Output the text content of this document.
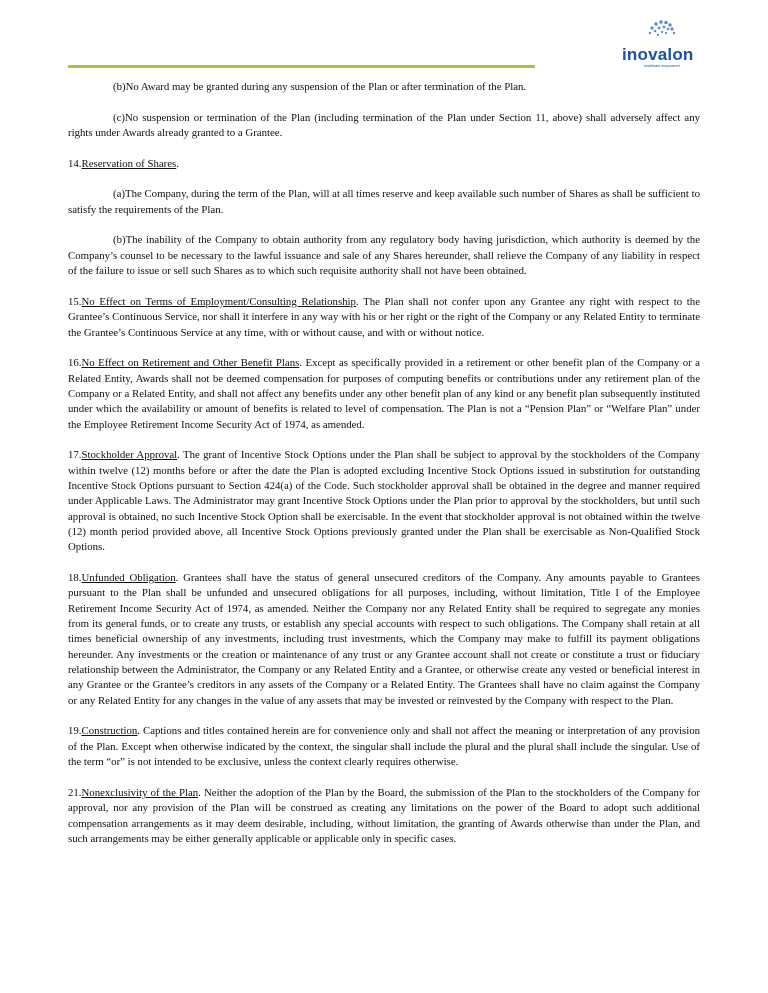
inovalon
healthcare empowered

(b)No Award may be granted during any suspension of the Plan or after termination of the Plan.

(c)No suspension or termination of the Plan (including termination of the Plan under Section 11, above) shall adversely affect any rights under Awards already granted to a Grantee.

14.Reservation of Shares.

(a)The Company, during the term of the Plan, will at all times reserve and keep available such number of Shares as shall be sufficient to satisfy the requirements of the Plan.

(b)The inability of the Company to obtain authority from any regulatory body having jurisdiction, which authority is deemed by the Company’s counsel to be necessary to the lawful issuance and sale of any Shares hereunder, shall relieve the Company of any liability in respect of the failure to issue or sell such Shares as to which such requisite authority shall not have been obtained.

15.No Effect on Terms of Employment/Consulting Relationship. The Plan shall not confer upon any Grantee any right with respect to the Grantee’s Continuous Service, nor shall it interfere in any way with his or her right or the right of the Company or any Related Entity to terminate the Grantee’s Continuous Service at any time, with or without cause, and with or without notice.

16.No Effect on Retirement and Other Benefit Plans. Except as specifically provided in a retirement or other benefit plan of the Company or a Related Entity, Awards shall not be deemed compensation for purposes of computing benefits or contributions under any retirement plan of the Company or a Related Entity, and shall not affect any benefits under any other benefit plan of any kind or any benefit plan subsequently instituted under which the availability or amount of benefits is related to level of compensation. The Plan is not a “Pension Plan” or “Welfare Plan” under the Employee Retirement Income Security Act of 1974, as amended.

17.Stockholder Approval. The grant of Incentive Stock Options under the Plan shall be subject to approval by the stockholders of the Company within twelve (12) months before or after the date the Plan is adopted excluding Incentive Stock Options issued in substitution for outstanding Incentive Stock Options pursuant to Section 424(a) of the Code. Such stockholder approval shall be obtained in the degree and manner required under Applicable Laws. The Administrator may grant Incentive Stock Options under the Plan prior to approval by the stockholders, but until such approval is obtained, no such Incentive Stock Option shall be exercisable. In the event that stockholder approval is not obtained within the twelve (12) month period provided above, all Incentive Stock Options previously granted under the Plan shall be exercisable as Non-Qualified Stock Options.

18.Unfunded Obligation. Grantees shall have the status of general unsecured creditors of the Company. Any amounts payable to Grantees pursuant to the Plan shall be unfunded and unsecured obligations for all purposes, including, without limitation, Title I of the Employee Retirement Income Security Act of 1974, as amended. Neither the Company nor any Related Entity shall be required to segregate any monies from its general funds, or to create any trusts, or establish any special accounts with respect to such obligations. The Company shall retain at all times beneficial ownership of any investments, including trust investments, which the Company may make to fulfill its payment obligations hereunder. Any investments or the creation or maintenance of any trust or any Grantee account shall not create or constitute a trust or fiduciary relationship between the Administrator, the Company or any Related Entity and a Grantee, or otherwise create any vested or beneficial interest in any Grantee or the Grantee’s creditors in any assets of the Company or a Related Entity. The Grantees shall have no claim against the Company or any Related Entity for any changes in the value of any assets that may be invested or reinvested by the Company with respect to the Plan.

19.Construction. Captions and titles contained herein are for convenience only and shall not affect the meaning or interpretation of any provision of the Plan. Except when otherwise indicated by the context, the singular shall include the plural and the plural shall include the singular. Use of the term “or” is not intended to be exclusive, unless the context clearly requires otherwise.

21.Nonexclusivity of the Plan. Neither the adoption of the Plan by the Board, the submission of the Plan to the stockholders of the Company for approval, nor any provision of the Plan will be construed as creating any limitations on the power of the Board to adopt such additional compensation arrangements as it may deem desirable, including, without limitation, the granting of Awards otherwise than under the Plan, and such arrangements may be either generally applicable or applicable only in specific cases.
